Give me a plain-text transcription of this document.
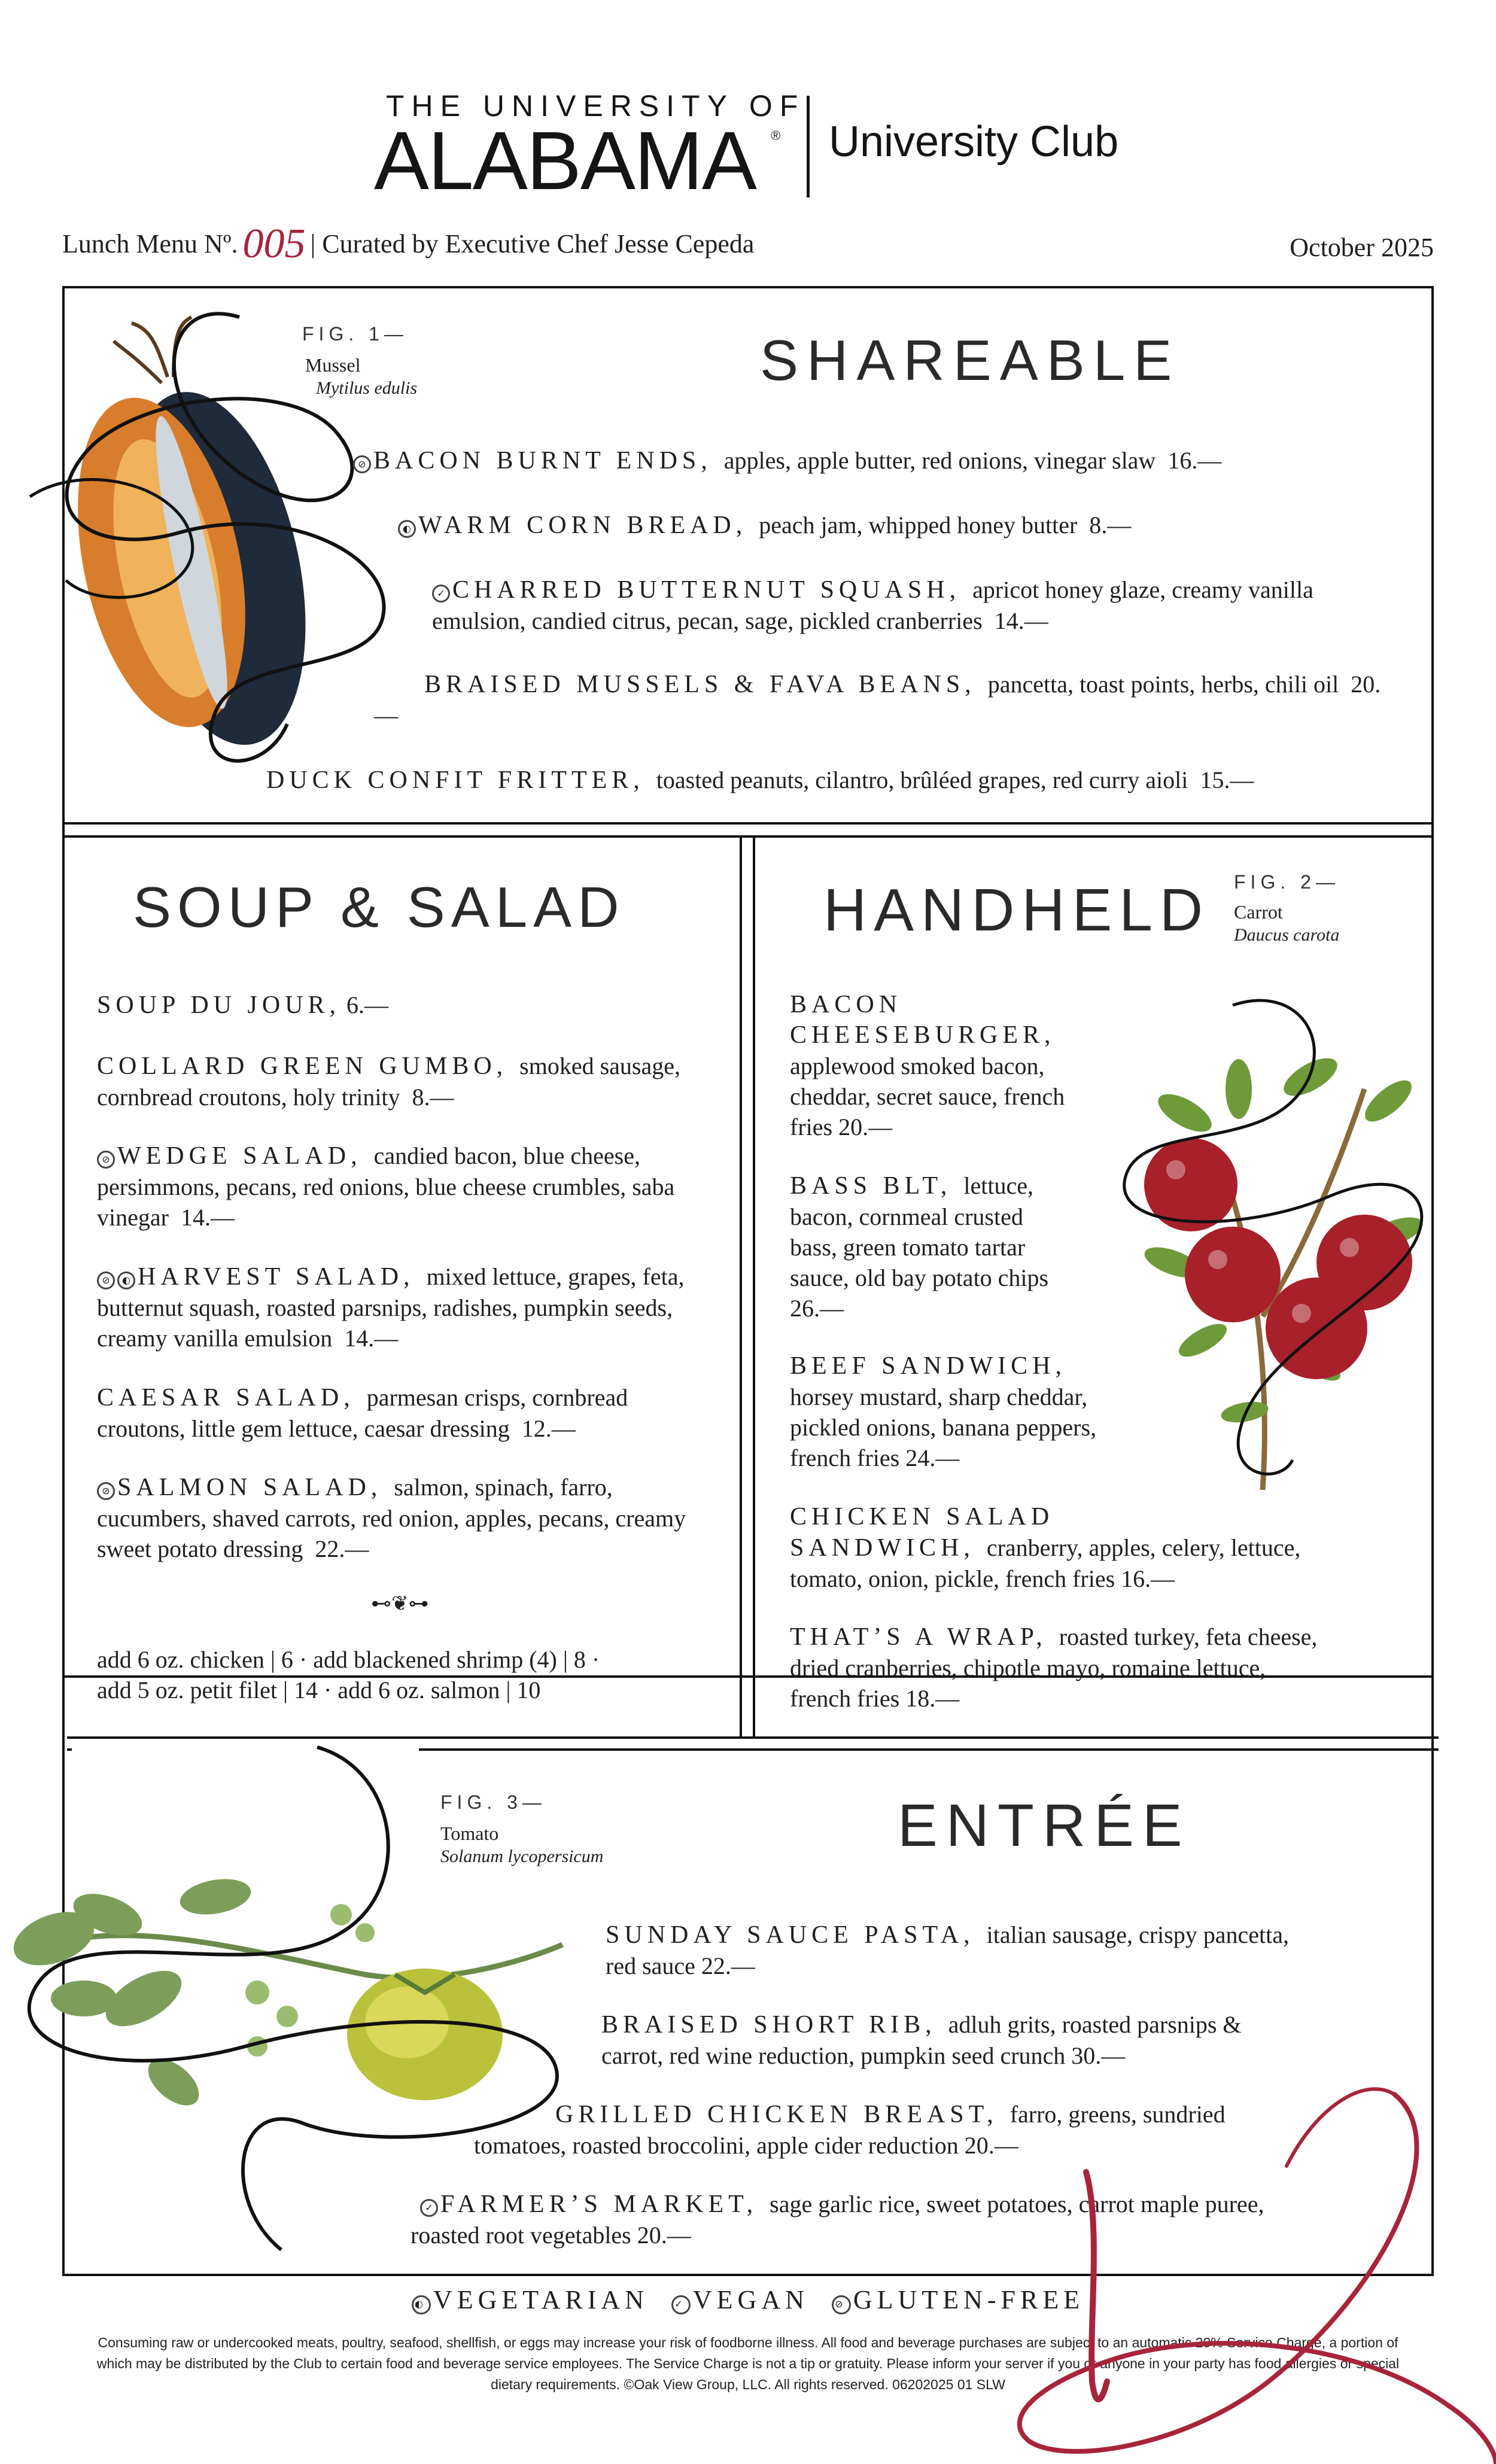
THE UNIVERSITY OF
ALABAMA ® University Club
Lunch Menu Nº. 005 | Curated by Executive Chef Jesse Cepeda	October 2025
FIG. 1—
Mussel
Mytilus edulis	SHAREABLE
⊘ BACON BURNT ENDS, apples, apple butter, red onions, vinegar slaw 16.—
◐ WARM CORN BREAD, peach jam, whipped honey butter 8.—
✓ CHARRED BUTTERNUT SQUASH, apricot honey glaze, creamy vanilla emulsion, candied citrus, pecan, sage, pickled cranberries 14.—
BRAISED MUSSELS & FAVA BEANS, pancetta, toast points, herbs, chili oil 20.—
DUCK CONFIT FRITTER, toasted peanuts, cilantro, brûléed grapes, red curry aioli 15.—
SOUP & SALAD
SOUP DU JOUR, 6.—
COLLARD GREEN GUMBO, smoked sausage, cornbread croutons, holy trinity 8.—
⊘ WEDGE SALAD, candied bacon, blue cheese, persimmons, pecans, red onions, blue cheese crumbles, saba vinegar 14.—
⊘ ◐ HARVEST SALAD, mixed lettuce, grapes, feta, butternut squash, roasted parsnips, radishes, pumpkin seeds, creamy vanilla emulsion 14.—
CAESAR SALAD, parmesan crisps, cornbread croutons, little gem lettuce, caesar dressing 12.—
⊘ SALMON SALAD, salmon, spinach, farro, cucumbers, shaved carrots, red onion, apples, pecans, creamy sweet potato dressing 22.—
⊷❦⊶
add 6 oz. chicken | 6 · add blackened shrimp (4) | 8 ·
add 5 oz. petit filet | 14 · add 6 oz. salmon | 10
HANDHELD FIG. 2—
Carrot
Daucus carota
BACON
CHEESEBURGER,
applewood smoked bacon,
cheddar, secret sauce, french
fries 20.—
BASS BLT, lettuce,
bacon, cornmeal crusted
bass, green tomato tartar
sauce, old bay potato chips
26.—
BEEF SANDWICH,
horsey mustard, sharp cheddar,
pickled onions, banana peppers,
french fries 24.—
CHICKEN SALAD
SANDWICH, cranberry, apples, celery, lettuce,
tomato, onion, pickle, french fries 16.—
THAT’S A WRAP, roasted turkey, feta cheese,
dried cranberries, chipotle mayo, romaine lettuce,
french fries 18.—
FIG. 3—
Tomato
Solanum lycopersicum	ENTRÉE
SUNDAY SAUCE PASTA, italian sausage, crispy pancetta,
red sauce 22.—
BRAISED SHORT RIB, adluh grits, roasted parsnips &
carrot, red wine reduction, pumpkin seed crunch 30.—
GRILLED CHICKEN BREAST, farro, greens, sundried
tomatoes, roasted broccolini, apple cider reduction 20.—
✓ FARMER’S MARKET, sage garlic rice, sweet potatoes, carrot maple puree,
roasted root vegetables 20.—
◐ VEGETARIAN	✓ VEGAN	⊘ GLUTEN-FREE
Consuming raw or undercooked meats, poultry, seafood, shellfish, or eggs may increase your risk of foodborne illness. All food and beverage purchases are subject to an automatic 20% Service Charge, a portion of
which may be distributed by the Club to certain food and beverage service employees. The Service Charge is not a tip or gratuity. Please inform your server if you or anyone in your party has food allergies or special
dietary requirements. ©Oak View Group, LLC. All rights reserved. 06202025 01 SLW
